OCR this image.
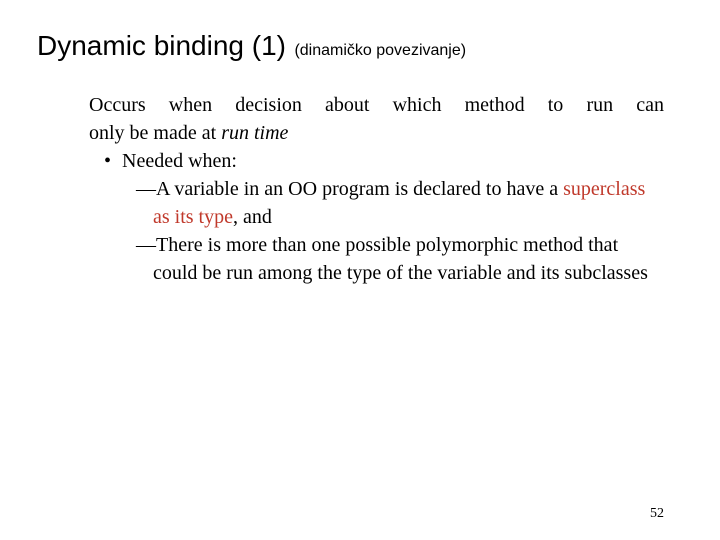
Dynamic binding (1) (dinamičko povezivanje)
Occurs when decision about which method to run can
only be made at run time
• Needed when:
—A variable in an OO program is declared to have a superclass as its type, and
—There is more than one possible polymorphic method that could be run among the type of the variable and its subclasses
52
